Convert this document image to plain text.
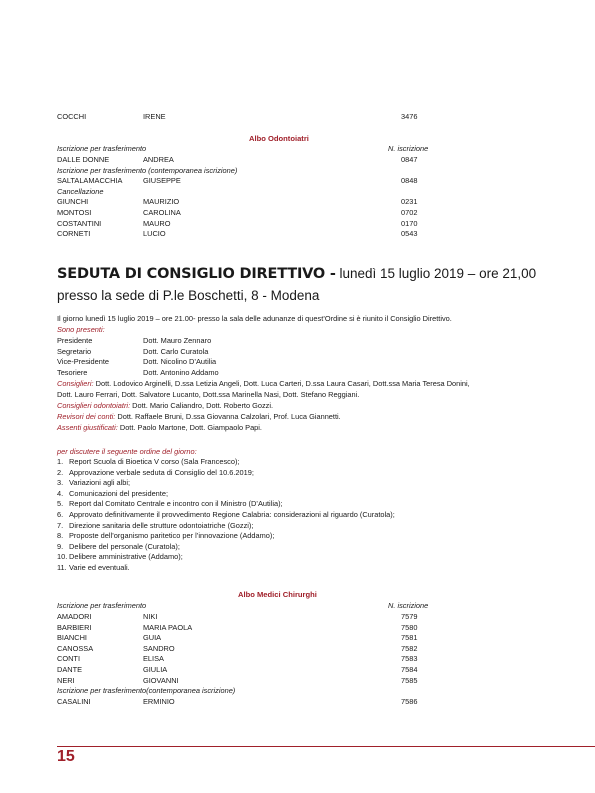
COCCHI	IRENE	3476
Albo Odontoiatri
Iscrizione per trasferimento	N. iscrizione
DALLE DONNE	ANDREA	0847
Iscrizione per trasferimento (contemporanea iscrizione)
SALTALAMACCHIA	GIUSEPPE	0848
Cancellazione
GIUNCHI	MAURIZIO	0231
MONTOSI	CAROLINA	0702
COSTANTINI	MAURO	0170
CORNETI	LUCIO	0543
SEDUTA DI CONSIGLIO DIRETTIVO - lunedì 15 luglio 2019 – ore 21,00
presso la sede di P.le Boschetti, 8 - Modena
Il giorno lunedì 15 luglio 2019 – ore 21.00- presso la sala delle adunanze di quest’Ordine si è riunito il Consiglio Direttivo.
Sono presenti:
Presidente	Dott. Mauro Zennaro
Segretario	Dott. Carlo Curatola
Vice-Presidente	Dott. Nicolino D’Autilia
Tesoriere	Dott. Antonino Addamo
Consiglieri: Dott. Lodovico Arginelli, D.ssa Letizia Angeli, Dott. Luca Carteri, D.ssa Laura Casari, Dott.ssa Maria Teresa Donini,
Dott. Lauro Ferrari, Dott. Salvatore Lucanto, Dott.ssa Marinella Nasi, Dott. Stefano Reggiani.
Consiglieri odontoiatri: Dott. Mario Caliandro, Dott. Roberto Gozzi.
Revisori dei conti: Dott. Raffaele Bruni, D.ssa Giovanna Calzolari, Prof. Luca Giannetti.
Assenti giustificati: Dott. Paolo Martone, Dott. Giampaolo Papi.
per discutere il seguente ordine del giorno:
1. Report Scuola di Bioetica V corso (Sala Francesco);
2. Approvazione verbale seduta di Consiglio del 10.6.2019;
3. Variazioni agli albi;
4. Comunicazioni del presidente;
5. Report dal Comitato Centrale e incontro con il Ministro (D’Autilia);
6. Approvato definitivamente il provvedimento Regione Calabria: considerazioni al riguardo (Curatola);
7. Direzione sanitaria delle strutture odontoiatriche (Gozzi);
8. Proposte dell’organismo paritetico per l’innovazione (Addamo);
9. Delibere del personale (Curatola);
10. Delibere amministrative (Addamo);
11. Varie ed eventuali.
Albo Medici Chirurghi
Iscrizione per trasferimento	N. iscrizione
AMADORI	NIKI	7579
BARBIERI	MARIA PAOLA	7580
BIANCHI	GUIA	7581
CANOSSA	SANDRO	7582
CONTI	ELISA	7583
DANTE	GIULIA	7584
NERI	GIOVANNI	7585
Iscrizione per trasferimento(contemporanea iscrizione)
CASALINI	ERMINIO	7586
15
